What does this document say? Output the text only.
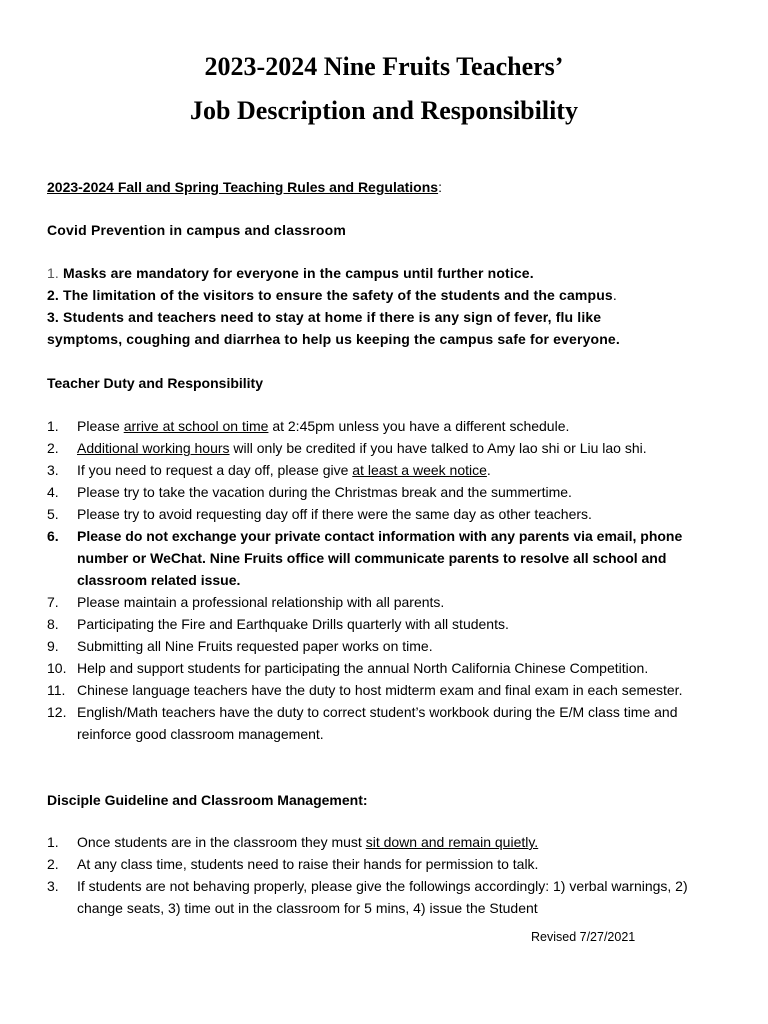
2023-2024 Nine Fruits Teachers’
Job Description and Responsibility
2023-2024 Fall and Spring Teaching Rules and Regulations:
Covid Prevention in campus and classroom
1. Masks are mandatory for everyone in the campus until further notice.
2. The limitation of the visitors to ensure the safety of the students and the campus.
3. Students and teachers need to stay at home if there is any sign of fever, flu like
symptoms, coughing and diarrhea to help us keeping the campus safe for everyone.
Teacher Duty and Responsibility
1. Please arrive at school on time at 2:45pm unless you have a different schedule.
2. Additional working hours will only be credited if you have talked to Amy lao shi or Liu lao shi.
3. If you need to request a day off, please give at least a week notice.
4. Please try to take the vacation during the Christmas break and the summertime.
5. Please try to avoid requesting day off if there were the same day as other teachers.
6. Please do not exchange your private contact information with any parents via email, phone number or WeChat. Nine Fruits office will communicate parents to resolve all school and classroom related issue.
7. Please maintain a professional relationship with all parents.
8. Participating the Fire and Earthquake Drills quarterly with all students.
9. Submitting all Nine Fruits requested paper works on time.
10. Help and support students for participating the annual North California Chinese Competition.
11. Chinese language teachers have the duty to host midterm exam and final exam in each semester.
12. English/Math teachers have the duty to correct student’s workbook during the E/M class time and reinforce good classroom management.
Disciple Guideline and Classroom Management:
1. Once students are in the classroom they must sit down and remain quietly.
2. At any class time, students need to raise their hands for permission to talk.
3. If students are not behaving properly, please give the followings accordingly: 1) verbal warnings, 2) change seats, 3) time out in the classroom for 5 mins, 4) issue the Student
Revised 7/27/2021
